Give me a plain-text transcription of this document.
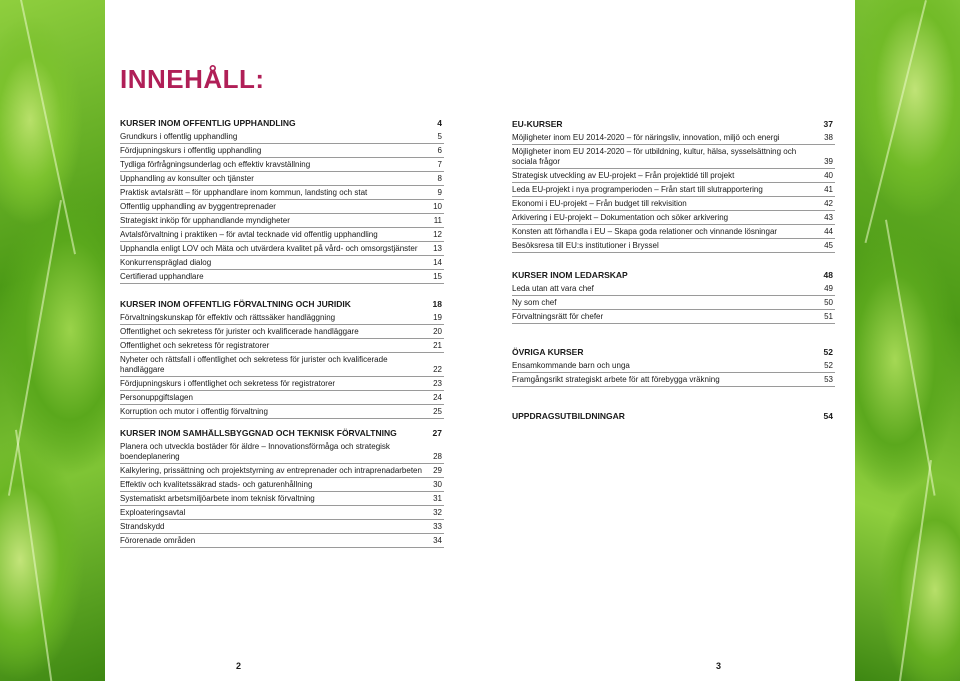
INNEHÅLL:
KURSER INOM OFFENTLIG UPPHANDLING	4
Grundkurs i offentlig upphandling	5
Fördjupningskurs i offentlig upphandling	6
Tydliga förfrågningsunderlag och effektiv kravställning	7
Upphandling av konsulter och tjänster	8
Praktisk avtalsrätt – för upphandlare inom kommun, landsting och stat	9
Offentlig upphandling av byggentreprenader	10
Strategiskt inköp för upphandlande myndigheter	11
Avtalsförvaltning i praktiken – för avtal tecknade vid offentlig upphandling	12
Upphandla enligt LOV och Mäta och utvärdera kvalitet på vård- och omsorgstjänster	13
Konkurrenspräglad dialog	14
Certifierad upphandlare	15
KURSER INOM OFFENTLIG FÖRVALTNING OCH JURIDIK	18
Förvaltningskunskap för effektiv och rättssäker handläggning	19
Offentlighet och sekretess för jurister och kvalificerade handläggare	20
Offentlighet och sekretess för registratorer	21
Nyheter och rättsfall i offentlighet och sekretess för jurister och kvalificerade handläggare	22
Fördjupningskurs i offentlighet och sekretess för registratorer	23
Personuppgiftslagen	24
Korruption och mutor i offentlig förvaltning	25
KURSER INOM SAMHÄLLSBYGGNAD OCH TEKNISK FÖRVALTNING	27
Planera och utveckla bostäder för äldre – Innovationsförmåga och strategisk boendeplanering	28
Kalkylering, prissättning och projektstyrning av entreprenader och intraprenadarbeten	29
Effektiv och kvalitetssäkrad stads- och gaturenhållning	30
Systematiskt arbetsmiljöarbete inom teknisk förvaltning	31
Exploateringsavtal	32
Strandskydd	33
Förorenade områden	34
EU-KURSER	37
Möjligheter inom EU 2014-2020 – för näringsliv, innovation, miljö och energi	38
Möjligheter inom EU 2014-2020 – för utbildning, kultur, hälsa, sysselsättning och sociala frågor	39
Strategisk utveckling av EU-projekt – Från projektidé till projekt	40
Leda EU-projekt i nya programperioden – Från start till slutrapportering	41
Ekonomi i EU-projekt – Från budget till rekvisition	42
Arkivering i EU-projekt – Dokumentation och söker arkivering	43
Konsten att förhandla i EU – Skapa goda relationer och vinnande lösningar	44
Besöksresa till EU:s institutioner i Bryssel	45
KURSER INOM LEDARSKAP	48
Leda utan att vara chef	49
Ny som chef	50
Förvaltningsrätt för chefer	51
ÖVRIGA KURSER	52
Ensamkommande barn och unga	52
Framgångsrikt strategiskt arbete för att förebygga vräkning	53
UPPDRAGSUTBILDNINGAR	54
2	3
